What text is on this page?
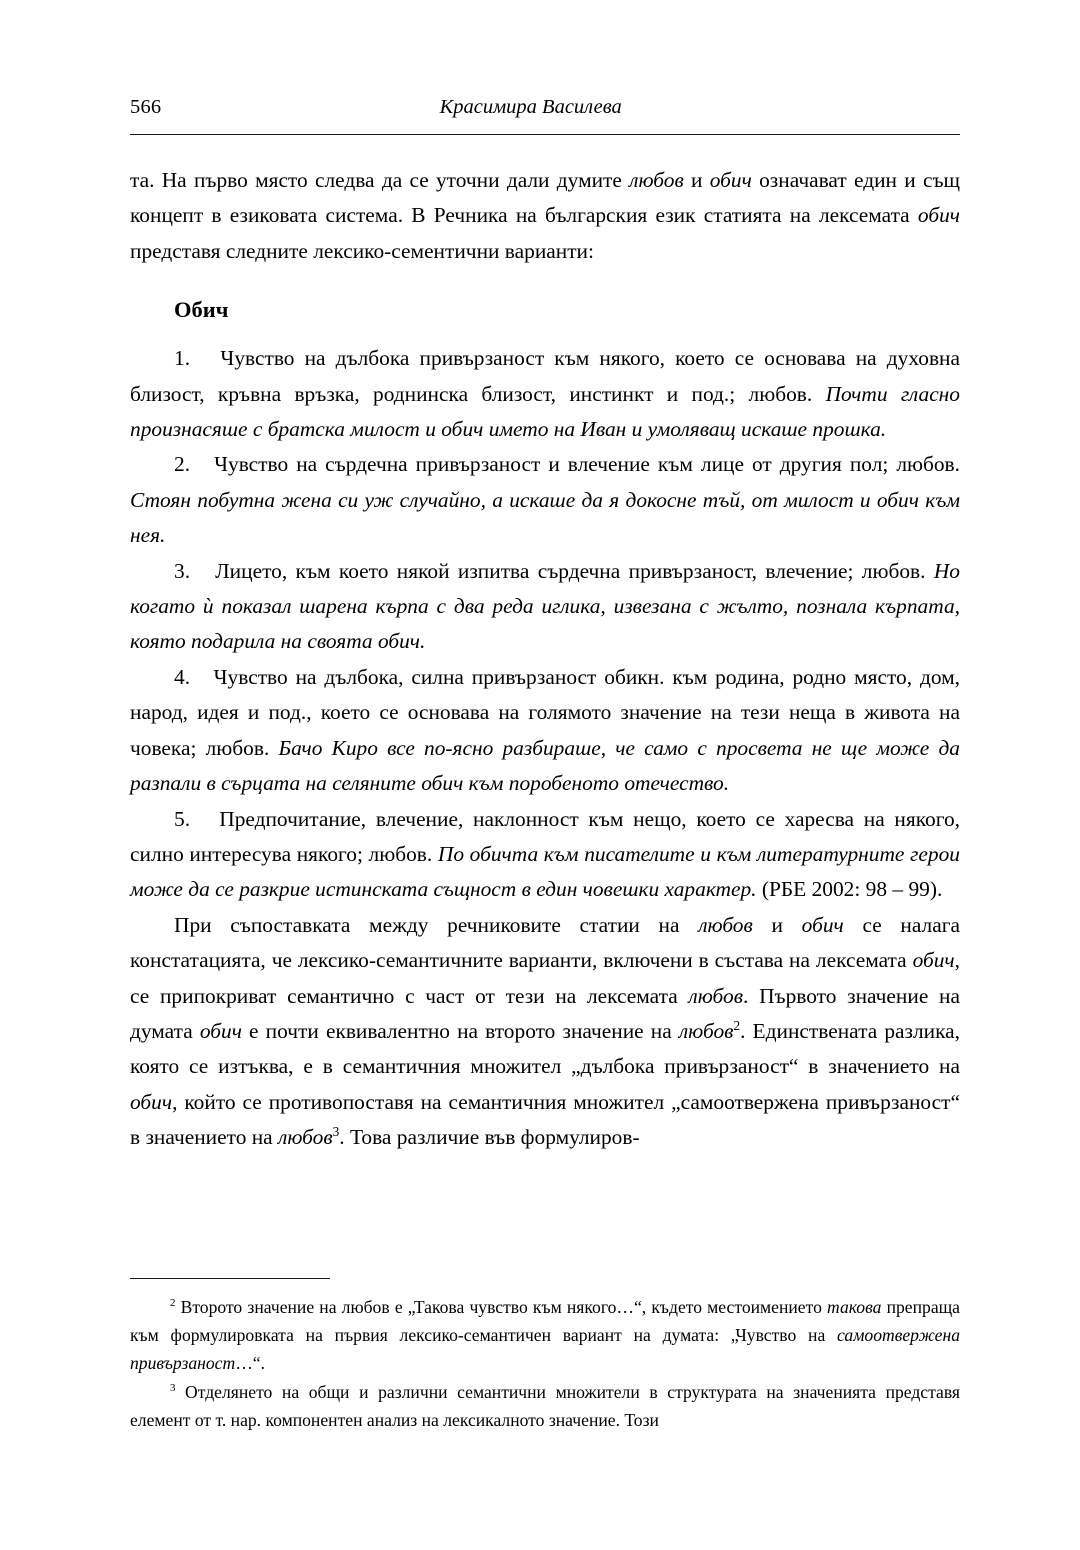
566	Красимира Василева

та. На първо място следва да се уточни дали думите любов и обич означават един и същ концепт в езиковата система. В Речника на българския език статията на лексемата обич представя следните лексико-сементични варианти:

Обич

1. Чувство на дълбока привързаност към някого, което се основава на духовна близост, кръвна връзка, роднинска близост, инстинкт и под.; любов. Почти гласно произнасяше с братска милост и обич името на Иван и умоляващ искаше прошка.

2. Чувство на сърдечна привързаност и влечение към лице от другия пол; любов. Стоян побутна жена си уж случайно, а искаше да я докосне тъй, от милост и обич към нея.

3. Лицето, към което някой изпитва сърдечна привързаност, влечение; любов. Но когато ѝ показал шарена кърпа с два реда иглика, извезана с жълто, познала кърпата, която подарила на своята обич.

4. Чувство на дълбока, силна привързаност обикн. към родина, родно място, дом, народ, идея и под., което се основава на голямото значение на тези неща в живота на човека; любов. Бачо Киро все по-ясно разбираше, че само с просвета не ще може да разпали в сърцата на селяните обич към поробеното отечество.

5. Предпочитание, влечение, наклонност към нещо, което се харесва на някого, силно интересува някого; любов. По обичта към писателите и към литературните герои може да се разкрие истинската същност в един човешки характер. (РБЕ 2002: 98 – 99).

При съпоставката между речниковите статии на любов и обич се налага констатацията, че лексико-семантичните варианти, включени в състава на лексемата обич, се припокриват семантично с част от тези на лексемата любов. Първото значение на думата обич е почти еквивалентно на второто значение на любов$^2$. Единствената разлика, която се изтъква, е в семантичния множител „дълбока привързаност“ в значението на обич, който се противопоставя на семантичния множител „самоотвержена привързаност“ в значението на любов$^3$. Това различие във формулиров-

$^2$ Второто значение на любов е „Такова чувство към някого…“, където местоимението такова препраща към формулировката на първия лексико-семантичен вариант на думата: „Чувство на самоотвержена привързаност…“.

$^3$ Отделянето на общи и различни семантични множители в структурата на значенията представя елемент от т. нар. компонентен анализ на лексикалното значение. Този
